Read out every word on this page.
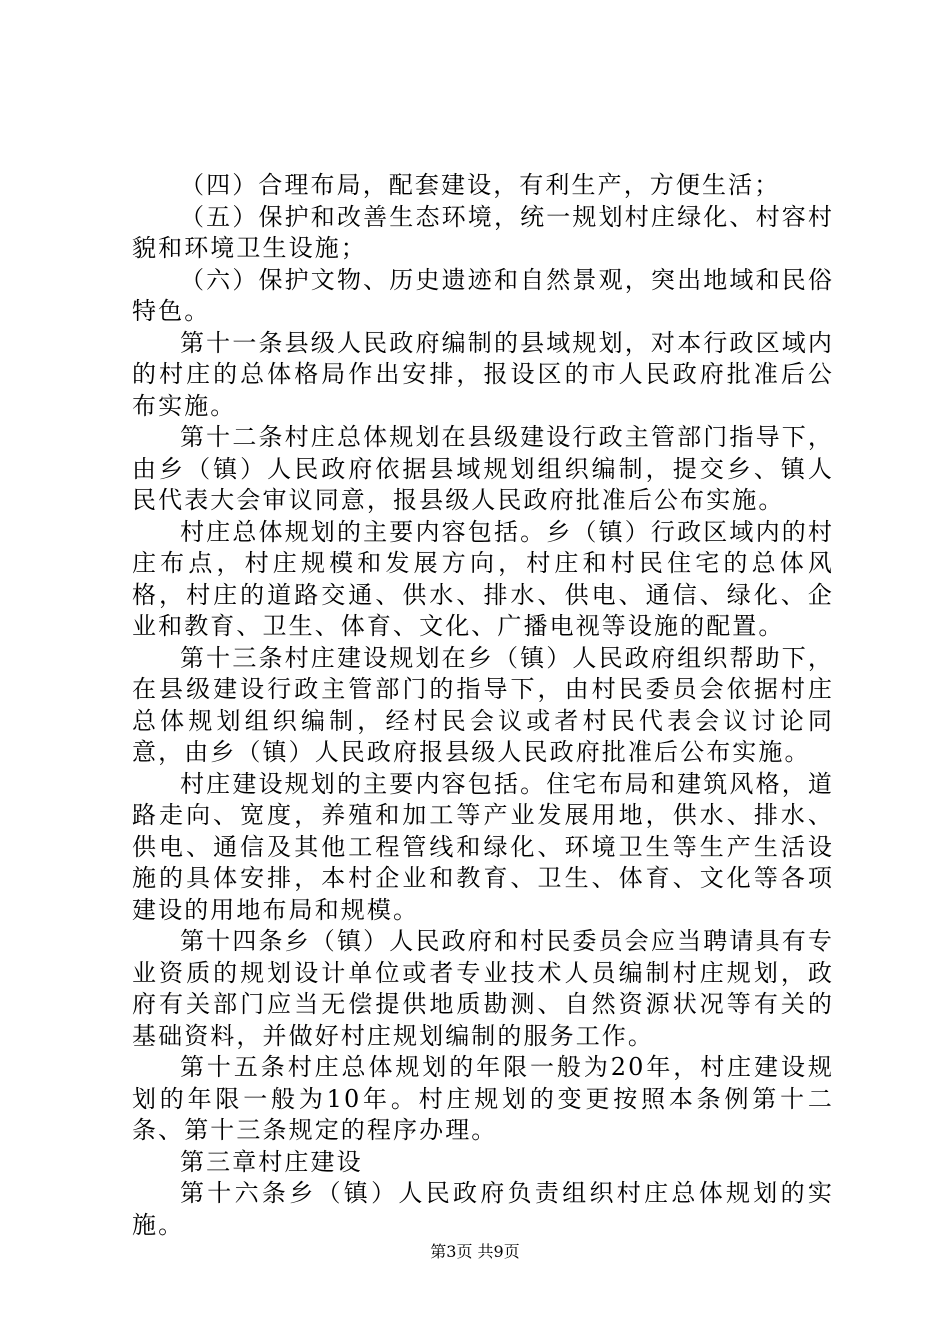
（四）合理布局，配套建设，有利生产，方便生活；

（五）保护和改善生态环境，统一规划村庄绿化、村容村貌和环境卫生设施；

（六）保护文物、历史遗迹和自然景观，突出地域和民俗特色。

第十一条县级人民政府编制的县域规划，对本行政区域内的村庄的总体格局作出安排，报设区的市人民政府批准后公布实施。

第十二条村庄总体规划在县级建设行政主管部门指导下，由乡（镇）人民政府依据县域规划组织编制，提交乡、镇人民代表大会审议同意，报县级人民政府批准后公布实施。

村庄总体规划的主要内容包括。乡（镇）行政区域内的村庄布点，村庄规模和发展方向，村庄和村民住宅的总体风格，村庄的道路交通、供水、排水、供电、通信、绿化、企业和教育、卫生、体育、文化、广播电视等设施的配置。

第十三条村庄建设规划在乡（镇）人民政府组织帮助下，在县级建设行政主管部门的指导下，由村民委员会依据村庄总体规划组织编制，经村民会议或者村民代表会议讨论同意，由乡（镇）人民政府报县级人民政府批准后公布实施。

村庄建设规划的主要内容包括。住宅布局和建筑风格，道路走向、宽度，养殖和加工等产业发展用地，供水、排水、供电、通信及其他工程管线和绿化、环境卫生等生产生活设施的具体安排，本村企业和教育、卫生、体育、文化等各项建设的用地布局和规模。

第十四条乡（镇）人民政府和村民委员会应当聘请具有专业资质的规划设计单位或者专业技术人员编制村庄规划，政府有关部门应当无偿提供地质勘测、自然资源状况等有关的基础资料，并做好村庄规划编制的服务工作。

第十五条村庄总体规划的年限一般为20年，村庄建设规划的年限一般为10年。村庄规划的变更按照本条例第十二条、第十三条规定的程序办理。

第三章村庄建设

第十六条乡（镇）人民政府负责组织村庄总体规划的实施。

第3页 共9页
